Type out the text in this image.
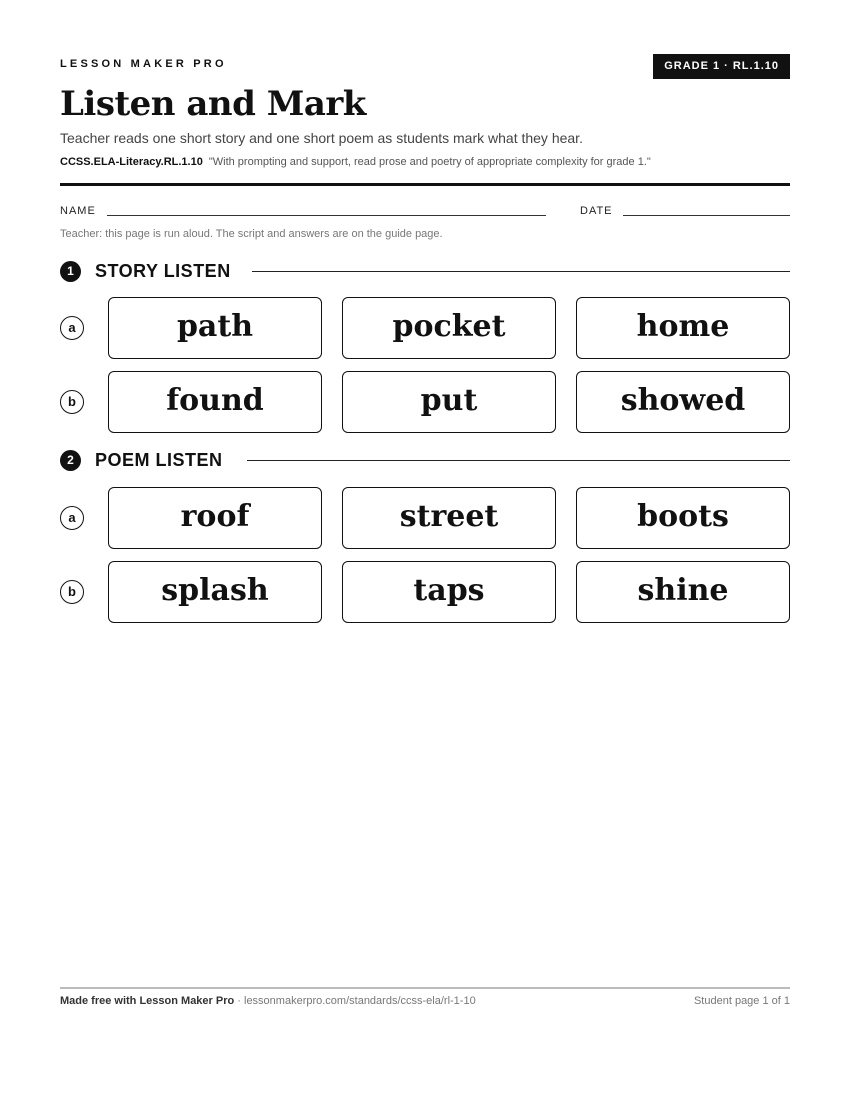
LESSON MAKER PRO	GRADE 1 · RL.1.10
Listen and Mark
Teacher reads one short story and one short poem as students mark what they hear.
CCSS.ELA-Literacy.RL.1.10 "With prompting and support, read prose and poetry of appropriate complexity for grade 1."
NAME	DATE
Teacher: this page is run aloud. The script and answers are on the guide page.
1	STORY LISTEN
a	path	pocket	home
b	found	put	showed
2	POEM LISTEN
a	roof	street	boots
b	splash	taps	shine
Made free with Lesson Maker Pro · lessonmakerpro.com/standards/ccss-ela/rl-1-10	Student page 1 of 1
